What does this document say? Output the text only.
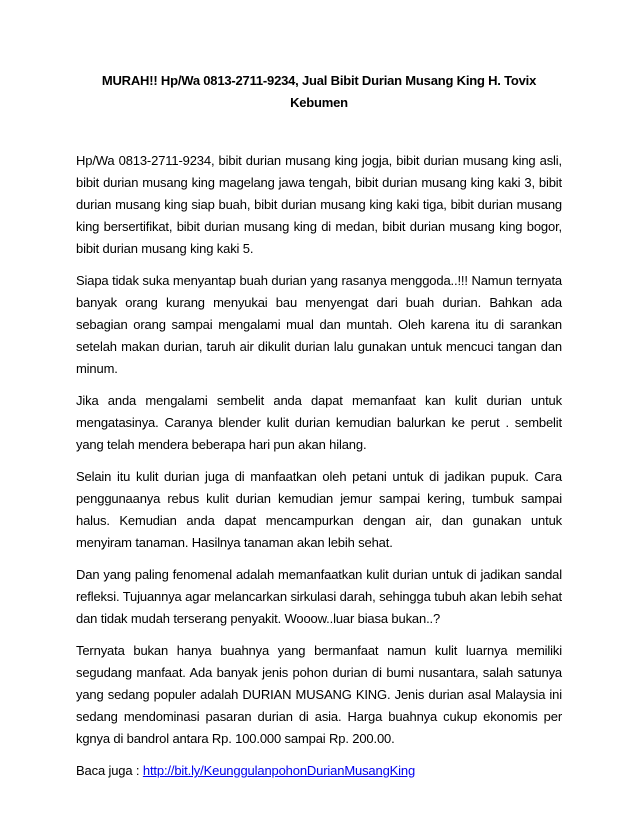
MURAH!! Hp/Wa 0813-2711-9234, Jual Bibit Durian Musang King H. Tovix Kebumen

Hp/Wa 0813-2711-9234, bibit durian musang king jogja, bibit durian musang king asli, bibit durian musang king magelang jawa tengah, bibit durian musang king kaki 3, bibit durian musang king siap buah, bibit durian musang king kaki tiga, bibit durian musang king bersertifikat, bibit durian musang king di medan, bibit durian musang king bogor, bibit durian musang king kaki 5.

Siapa tidak suka menyantap buah durian yang rasanya menggoda..!!! Namun ternyata banyak orang kurang menyukai bau menyengat dari buah durian. Bahkan ada sebagian orang sampai mengalami mual dan muntah. Oleh karena itu di sarankan setelah makan durian, taruh air dikulit durian lalu gunakan untuk mencuci tangan dan minum.

Jika anda mengalami sembelit anda dapat memanfaat kan kulit durian untuk mengatasinya. Caranya blender kulit durian kemudian balurkan ke perut . sembelit yang telah mendera beberapa hari pun akan hilang.

Selain itu kulit durian juga di manfaatkan oleh petani untuk di jadikan pupuk. Cara penggunaanya rebus kulit durian kemudian jemur sampai kering, tumbuk sampai halus. Kemudian anda dapat mencampurkan dengan air, dan gunakan untuk menyiram tanaman. Hasilnya tanaman akan lebih sehat.

Dan yang paling fenomenal adalah memanfaatkan kulit durian untuk di jadikan sandal refleksi. Tujuannya agar melancarkan sirkulasi darah, sehingga tubuh akan lebih sehat dan tidak mudah terserang penyakit. Wooow..luar biasa bukan..?

Ternyata bukan hanya buahnya yang bermanfaat namun kulit luarnya memiliki segudang manfaat. Ada banyak jenis pohon durian di bumi nusantara, salah satunya yang sedang populer adalah DURIAN MUSANG KING. Jenis durian asal Malaysia ini sedang mendominasi pasaran durian di asia. Harga buahnya cukup ekonomis per kgnya di bandrol antara Rp. 100.000 sampai Rp. 200.00.

Baca juga : http://bit.ly/KeunggulanpohonDurianMusangKing
